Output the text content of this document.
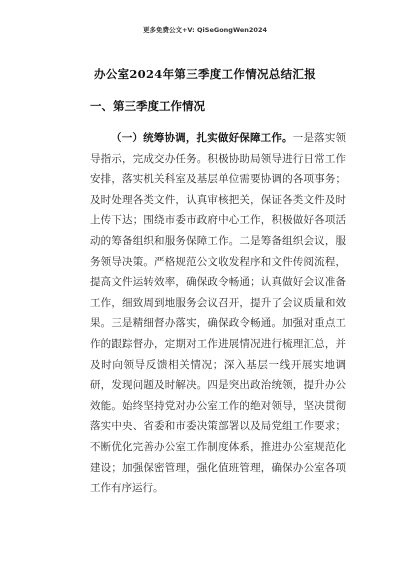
更多免费公文+V: QiSeGongWen2024
办公室2024年第三季度工作情况总结汇报
一、第三季度工作情况

（一）统筹协调，扎实做好保障工作。一是落实领导指示，完成交办任务。积极协助局领导进行日常工作安排，落实机关科室及基层单位需要协调的各项事务；及时处理各类文件，认真审核把关，保证各类文件及时上传下达；围绕市委市政府中心工作，积极做好各项活动的筹备组织和服务保障工作。二是筹备组织会议，服务领导决策。严格规范公文收发程序和文件传阅流程，提高文件运转效率，确保政令畅通；认真做好会议准备工作，细致周到地服务会议召开，提升了会议质量和效果。三是精细督办落实，确保政令畅通。加强对重点工作的跟踪督办，定期对工作进展情况进行梳理汇总，并及时向领导反馈相关情况；深入基层一线开展实地调研，发现问题及时解决。四是突出政治统领，提升办公效能。始终坚持党对办公室工作的绝对领导，坚决贯彻落实中央、省委和市委决策部署以及局党组工作要求；不断优化完善办公室工作制度体系，推进办公室规范化建设；加强保密管理，强化值班管理，确保办公室各项工作有序运行。
